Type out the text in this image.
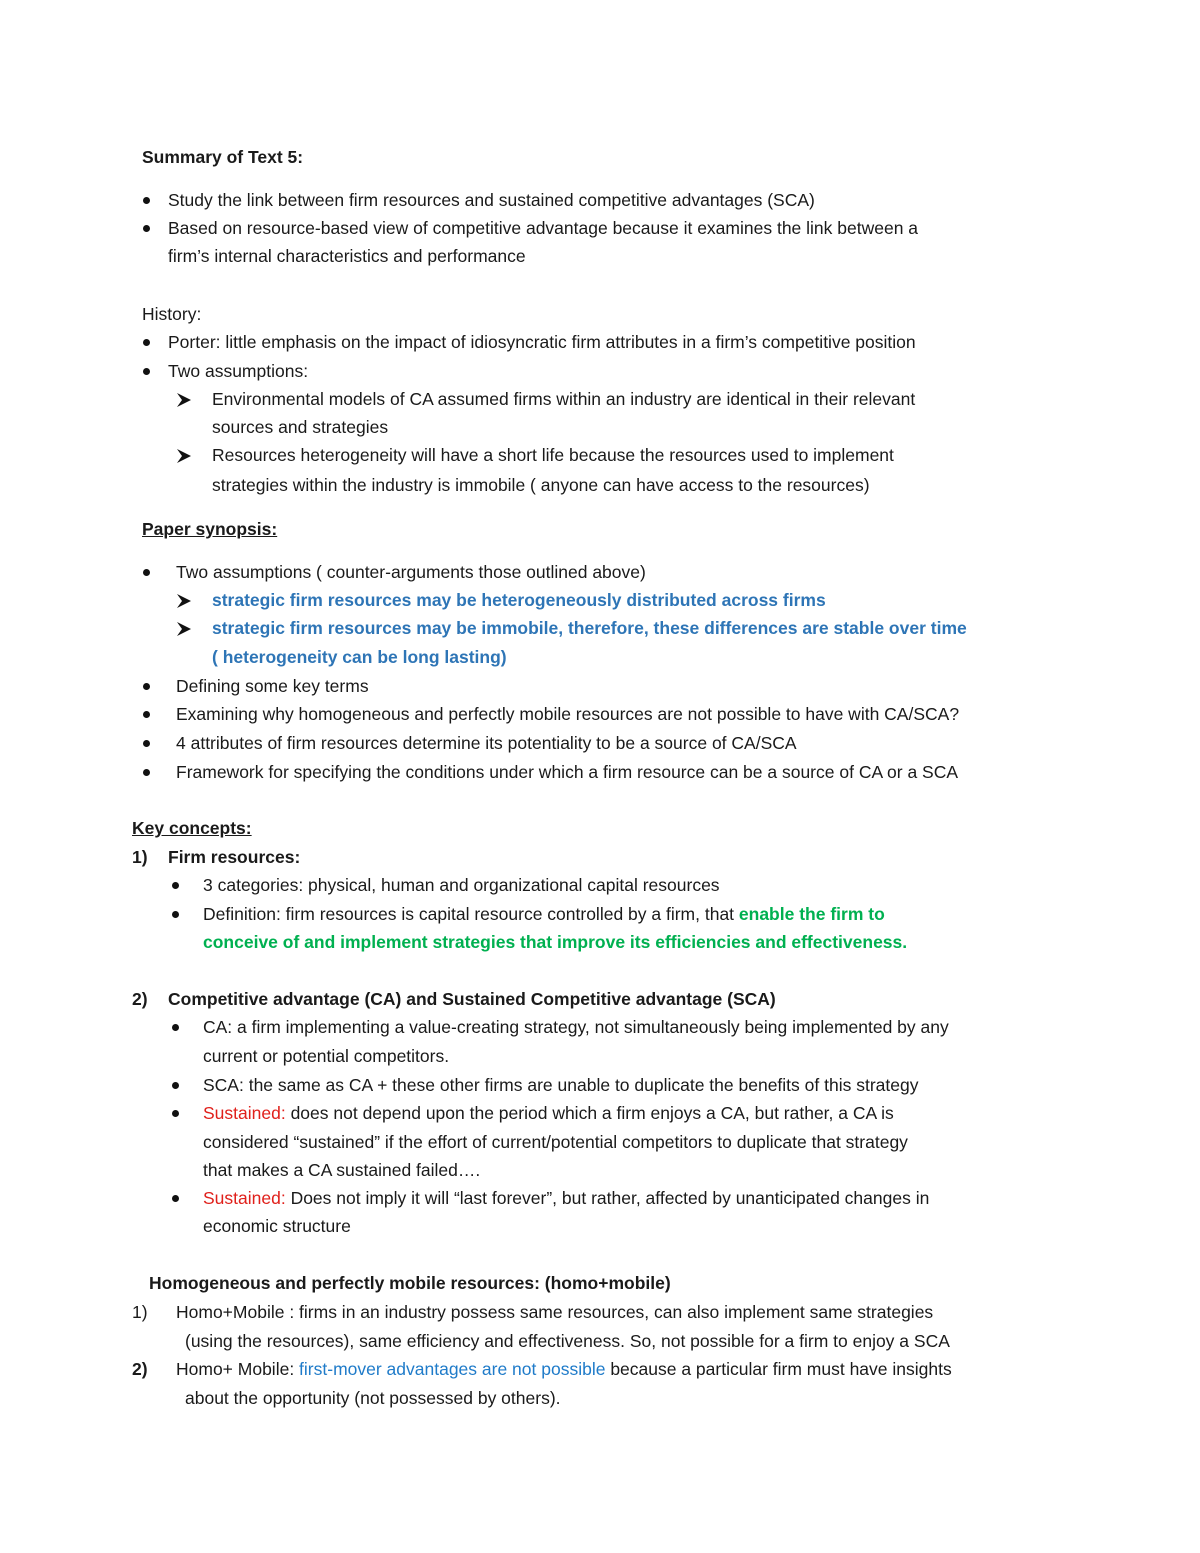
Summary of Text 5:
Study the link between firm resources and sustained competitive advantages (SCA)
Based on resource-based view of competitive advantage because it examines the link between a
firm’s internal characteristics and performance
History:
Porter: little emphasis on the impact of idiosyncratic firm attributes in a firm’s competitive position
Two assumptions:
Environmental models of CA assumed firms within an industry are identical in their relevant
sources and strategies
Resources heterogeneity will have a short life because the resources used to implement
strategies within the industry is immobile ( anyone can have access to the resources)
Paper synopsis:
Two assumptions ( counter-arguments those outlined above)
strategic firm resources may be heterogeneously distributed across firms
strategic firm resources may be immobile, therefore, these differences are stable over time
( heterogeneity can be long lasting)
Defining some key terms
Examining why homogeneous and perfectly mobile resources are not possible to have with CA/SCA?
4 attributes of firm resources determine its potentiality to be a source of CA/SCA
Framework for specifying the conditions under which a firm resource can be a source of CA or a SCA
Key concepts:
1) Firm resources:
3 categories: physical, human and organizational capital resources
Definition: firm resources is capital resource controlled by a firm, that enable the firm to
conceive of and implement strategies that improve its efficiencies and effectiveness.
2) Competitive advantage (CA) and Sustained Competitive advantage (SCA)
CA: a firm implementing a value-creating strategy, not simultaneously being implemented by any
current or potential competitors.
SCA: the same as CA + these other firms are unable to duplicate the benefits of this strategy
Sustained: does not depend upon the period which a firm enjoys a CA, but rather, a CA is
considered “sustained” if the effort of current/potential competitors to duplicate that strategy
that makes a CA sustained failed….
Sustained: Does not imply it will “last forever”, but rather, affected by unanticipated changes in
economic structure
Homogeneous and perfectly mobile resources: (homo+mobile)
1) Homo+Mobile : firms in an industry possess same resources, can also implement same strategies
(using the resources), same efficiency and effectiveness. So, not possible for a firm to enjoy a SCA
2) Homo+ Mobile: first-mover advantages are not possible because a particular firm must have insights
about the opportunity (not possessed by others).
